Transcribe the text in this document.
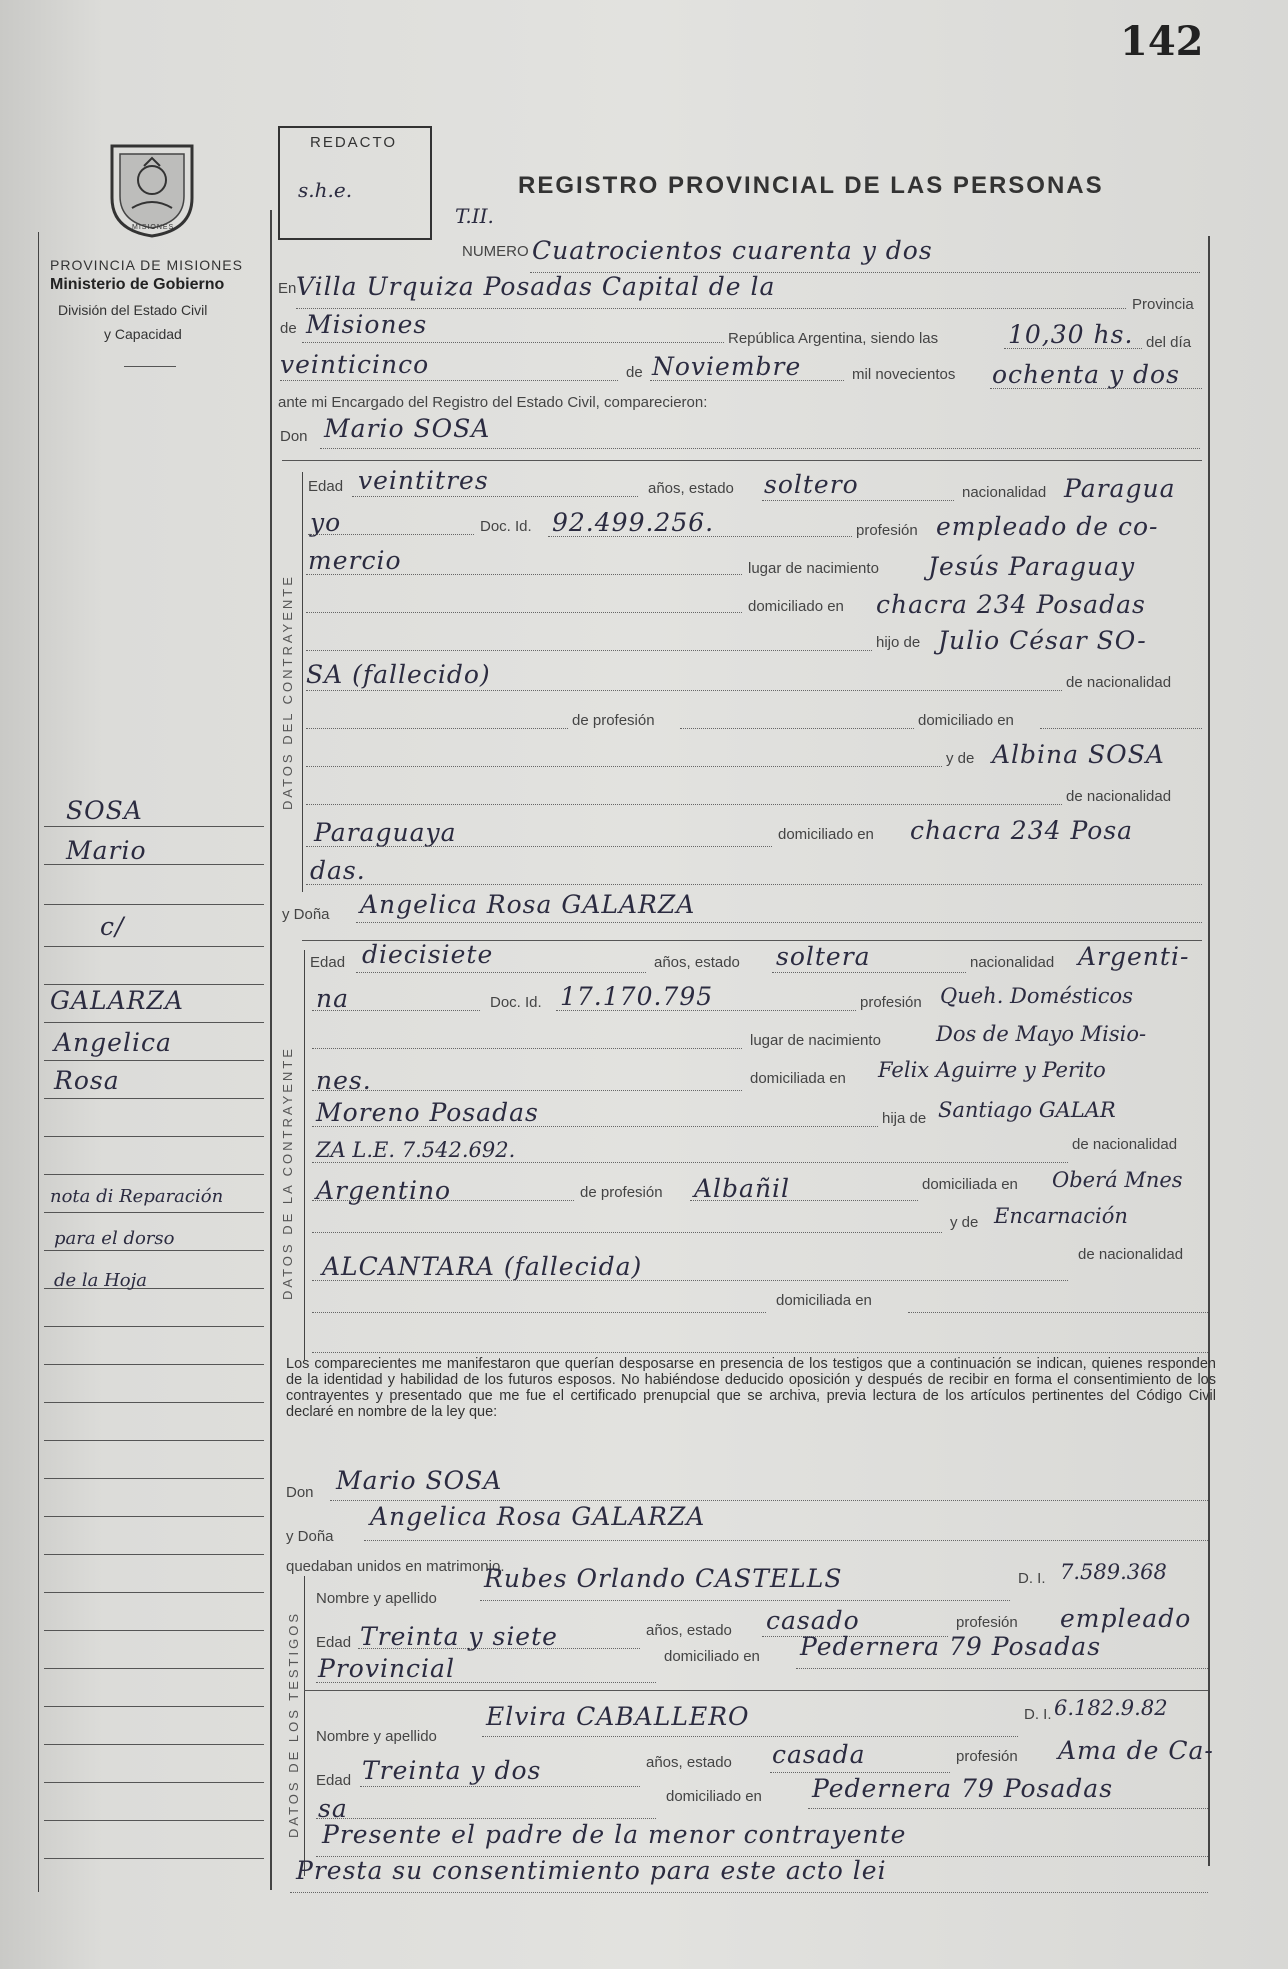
142
MISIONES
PROVINCIA DE MISIONES
Ministerio de Gobierno
División del Estado Civil
y Capacidad
REDACTO
s.h.e.	REGISTRO PROVINCIAL DE LAS PERSONAS
T.II.
NUMERO Cuatrocientos cuarenta y dos
En Villa Urquiza Posadas Capital de la
Provincia
de Misiones	República Argentina, siendo las	10,30 hs. del día
veinticinco	de Noviembre	mil novecientos ochenta y dos
ante mi Encargado del Registro del Estado Civil, comparecieron:
Don Mario SOSA
DATOS DEL CONTRAYENTE
Edad veintitres	años, estado soltero	nacionalidad Paragua
yo	Doc. Id. 92.499.256.	profesión empleado de co-
mercio	lugar de nacimiento Jesús Paraguay
domiciliado en chacra 234 Posadas
hijo de Julio César SO-
SA (fallecido)	de nacionalidad
de profesión	domiciliado en
y de Albina SOSA
de nacionalidad
Paraguaya	domiciliado en chacra 234 Posa
das.
y Doña Angelica Rosa GALARZA
DATOS DE LA CONTRAYENTE
Edad diecisiete	años, estado soltera	nacionalidad Argenti-
na	Doc. Id. 17.170.795	profesión Queh. Domésticos
lugar de nacimiento	Dos de Mayo Misio-
nes.	domiciliada en Felix Aguirre y Perito
Moreno Posadas	hija de Santiago GALAR
ZA L.E. 7.542.692.	de nacionalidad
Argentino	de profesión Albañil	domiciliada en Oberá Mnes
y de Encarnación
ALCANTARA (fallecida)	de nacionalidad
domiciliada en
Los comparecientes me manifestaron que querían desposarse en presencia de los testigos que a continuación se indican, quienes responden de la identidad y habilidad de los futuros esposos. No habiéndose deducido oposición y después de recibir en forma el consentimiento de los contrayentes y presentado que me fue el certificado prenupcial que se archiva, previa lectura de los artículos pertinentes del Código Civil declaré en nombre de la ley que:
Don Mario SOSA
y Doña
Angelica Rosa GALARZA
quedaban unidos en matrimonio.
DATOS DE LOS TESTIGOS
Nombre y apellido
Rubes Orlando CASTELLS	D. I. 7.589.368
Edad Treinta y siete	años, estado casado	profesión empleado
Provincial	domiciliado en Pedernera 79 Posadas
Nombre y apellido
Elvira CABALLERO	D. I. 6.182.9.82
Edad Treinta y dos	años, estado casada	profesión Ama de Ca-
sa	domiciliado en Pedernera 79 Posadas
Presente el padre de la menor contrayente
Presta su consentimiento para este acto lei
SOSA
Mario
c/
GALARZA
Angelica
Rosa
nota di Reparación
para el dorso
de la Hoja
